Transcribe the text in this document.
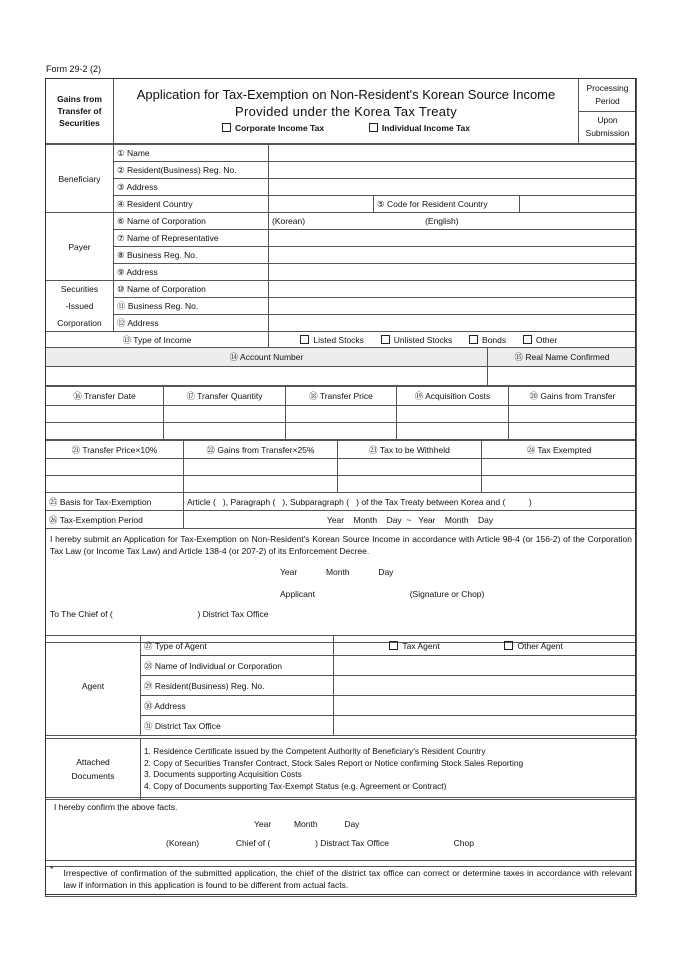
Form 29-2 (2)
Gains from Transfer of Securities	
Application for Tax-Exemption on Non-Resident's Korean Source Income
Provided under the Korea Tax Treaty
Corporate Income Tax	Individual Income Tax
	Processing Period
Upon Submission
Beneficiary	① Name			
	② Resident(Business) Reg. No.			
	③ Address			
	④ Resident Country		⑤ Code for Resident Country	
Payer	⑥ Name of Corporation	(Korean) (English)		
	⑦ Name of Representative			
	⑧ Business Reg. No.			
	⑨ Address			
Securities	⑩ Name of Corporation			
-Issued	⑪ Business Reg. No.			
Corporation	⑫ Address			
⑬ Type of Income		Listed Stocks Unlisted Stocks Bonds Other		
⑭ Account Number	⑮ Real Name Confirmed

⑯ Transfer Date	⑰ Transfer Quantity	⑱ Transfer Price	⑲ Acquisition Costs	⑳ Gains from Transfer

㉑ Transfer Price×10%	㉒ Gains from Transfer×25%	㉓ Tax to be Withheld	㉔ Tax Exempted

㉕ Basis for Tax-Exemption	Article (   ), Paragraph (   ), Subparagraph (   ) of the Tax Treaty between Korea and (          )
㉖ Tax-Exemption Period	Year    Month    Day  ~   Year    Month    Day
I hereby submit an Application for Tax-Exemption on Non-Resident's Korean Source Income in accordance with Article 98-4 (or 156-2) of the Corporation Tax Law (or Income Tax Law) and Article 138-4 (or 207-2) of its Enforcement Decree.
Year	Month	Day
Applicant	(Signature or Chop)
To The Chief of (	) District Tax Office
Agent	㉗ Type of Agent	Tax Agent Other Agent
	㉘ Name of Individual or Corporation	
	㉙ Resident(Business) Reg. No.	
	㉚ Address	
	㉛ District Tax Office	
Attached
Documents

1. Residence Certificate issued by the Competent Authority of Beneficiary's Resident Country
2. Copy of Securities Transfer Contract, Stock Sales Report or Notice confirming Stock Sales Reporting
3. Documents supporting Acquisition Costs
4. Copy of Documents supporting Tax-Exempt Status (e.g. Agreement or Contract)
I hereby confirm the above facts.
Year	Month	Day
(Korean)	Chief of (	) Distract Tax Office	Chop
*	Irrespective of confirmation of the submitted application, the chief of the district tax office can correct or determine taxes in accordance with relevant law if information in this application is found to be different from actual facts.
